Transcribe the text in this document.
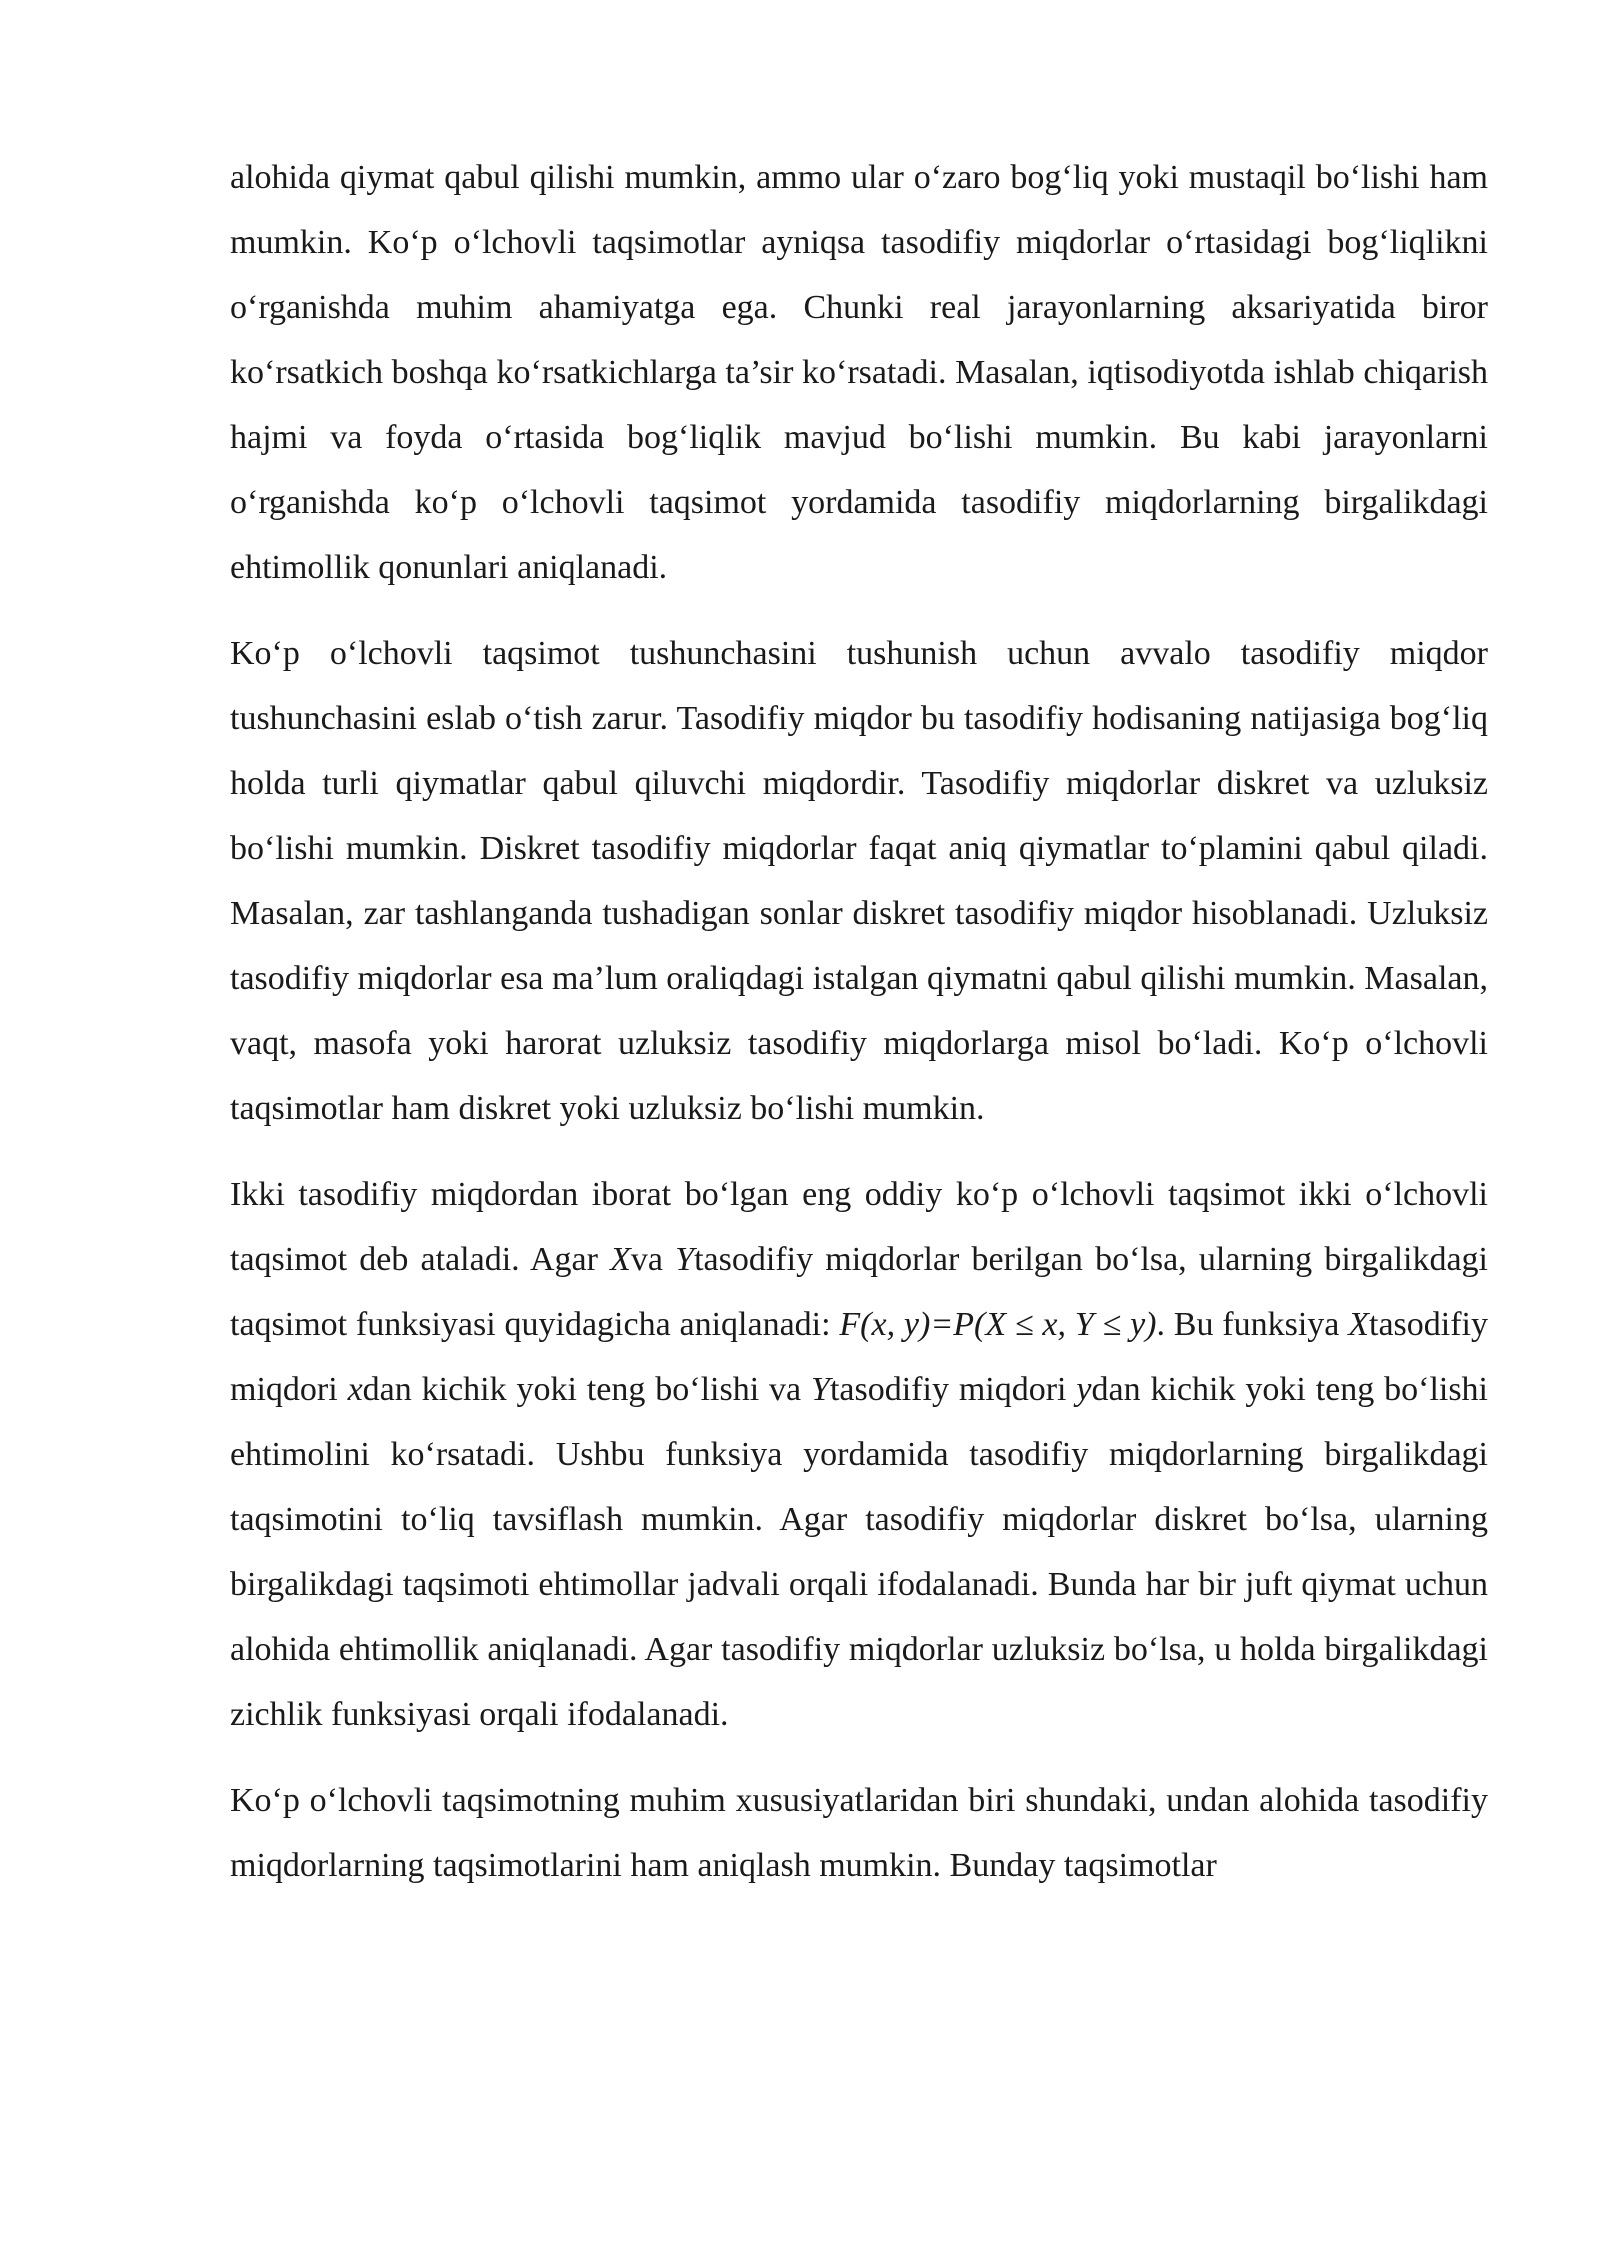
alohida qiymat qabul qilishi mumkin, ammo ular o‘zaro bog‘liq yoki mustaqil bo‘lishi ham mumkin. Ko‘p o‘lchovli taqsimotlar ayniqsa tasodifiy miqdorlar o‘rtasidagi bog‘liqlikni o‘rganishda muhim ahamiyatga ega. Chunki real jarayonlarning aksariyatida biror ko‘rsatkich boshqa ko‘rsatkichlarga ta’sir ko‘rsatadi. Masalan, iqtisodiyotda ishlab chiqarish hajmi va foyda o‘rtasida bog‘liqlik mavjud bo‘lishi mumkin. Bu kabi jarayonlarni o‘rganishda ko‘p o‘lchovli taqsimot yordamida tasodifiy miqdorlarning birgalikdagi ehtimollik qonunlari aniqlanadi.

Ko‘p o‘lchovli taqsimot tushunchasini tushunish uchun avvalo tasodifiy miqdor tushunchasini eslab o‘tish zarur. Tasodifiy miqdor bu tasodifiy hodisaning natijasiga bog‘liq holda turli qiymatlar qabul qiluvchi miqdordir. Tasodifiy miqdorlar diskret va uzluksiz bo‘lishi mumkin. Diskret tasodifiy miqdorlar faqat aniq qiymatlar to‘plamini qabul qiladi. Masalan, zar tashlanganda tushadigan sonlar diskret tasodifiy miqdor hisoblanadi. Uzluksiz tasodifiy miqdorlar esa ma’lum oraliqdagi istalgan qiymatni qabul qilishi mumkin. Masalan, vaqt, masofa yoki harorat uzluksiz tasodifiy miqdorlarga misol bo‘ladi. Ko‘p o‘lchovli taqsimotlar ham diskret yoki uzluksiz bo‘lishi mumkin.

Ikki tasodifiy miqdordan iborat bo‘lgan eng oddiy ko‘p o‘lchovli taqsimot ikki o‘lchovli taqsimot deb ataladi. Agar Xva Ytasodifiy miqdorlar berilgan bo‘lsa, ularning birgalikdagi taqsimot funksiyasi quyidagicha aniqlanadi: F(x, y)=P(X ≤ x, Y ≤ y). Bu funksiya Xtasodifiy miqdori xdan kichik yoki teng bo‘lishi va Ytasodifiy miqdori ydan kichik yoki teng bo‘lishi ehtimolini ko‘rsatadi. Ushbu funksiya yordamida tasodifiy miqdorlarning birgalikdagi taqsimotini to‘liq tavsiflash mumkin. Agar tasodifiy miqdorlar diskret bo‘lsa, ularning birgalikdagi taqsimoti ehtimollar jadvali orqali ifodalanadi. Bunda har bir juft qiymat uchun alohida ehtimollik aniqlanadi. Agar tasodifiy miqdorlar uzluksiz bo‘lsa, u holda birgalikdagi zichlik funksiyasi orqali ifodalanadi.

Ko‘p o‘lchovli taqsimotning muhim xususiyatlaridan biri shundaki, undan alohida tasodifiy miqdorlarning taqsimotlarini ham aniqlash mumkin. Bunday taqsimotlar
